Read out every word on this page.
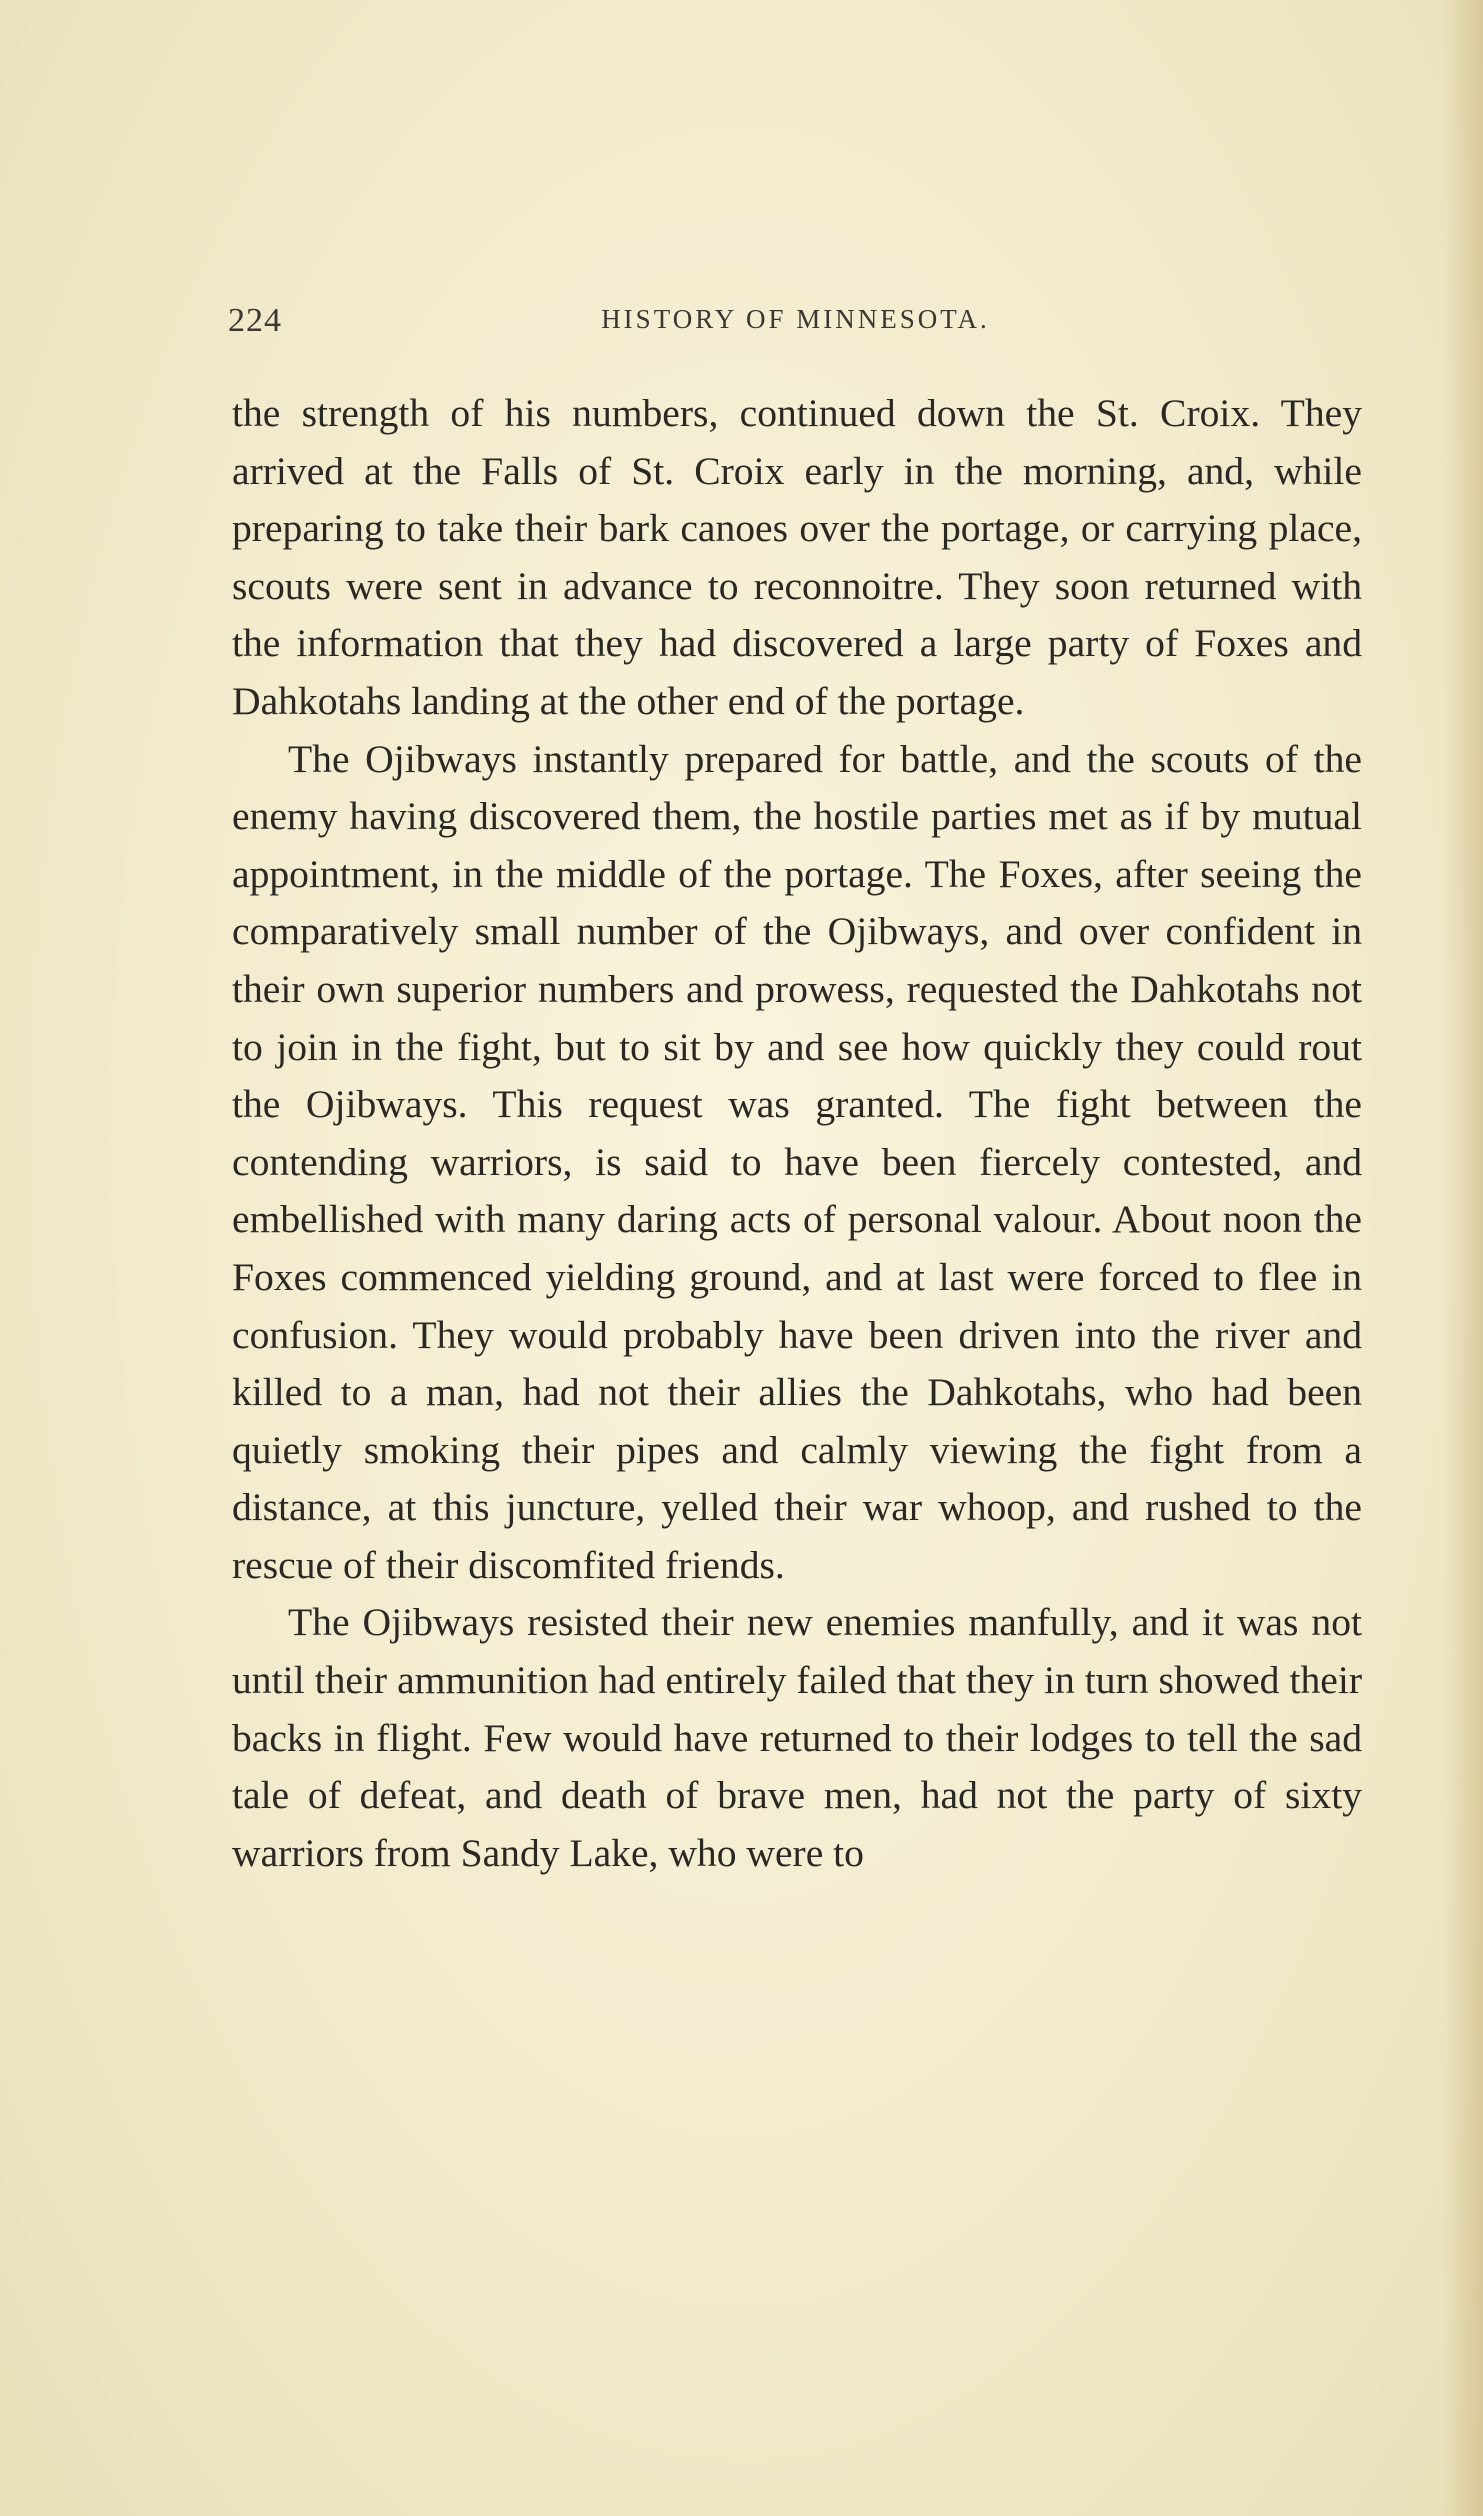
224	HISTORY OF MINNESOTA.

the strength of his numbers, continued down the St. Croix. They arrived at the Falls of St. Croix early in the morning, and, while preparing to take their bark canoes over the portage, or carrying place, scouts were sent in advance to reconnoitre. They soon returned with the information that they had discovered a large party of Foxes and Dahkotahs landing at the other end of the portage.

The Ojibways instantly prepared for battle, and the scouts of the enemy having discovered them, the hostile parties met as if by mutual appointment, in the middle of the portage. The Foxes, after seeing the comparatively small number of the Ojibways, and over confident in their own superior numbers and prowess, requested the Dahkotahs not to join in the fight, but to sit by and see how quickly they could rout the Ojibways. This request was granted. The fight between the contending warriors, is said to have been fiercely contested, and embellished with many daring acts of personal valour. About noon the Foxes commenced yielding ground, and at last were forced to flee in confusion. They would probably have been driven into the river and killed to a man, had not their allies the Dahkotahs, who had been quietly smoking their pipes and calmly viewing the fight from a distance, at this juncture, yelled their war whoop, and rushed to the rescue of their discomfited friends.

The Ojibways resisted their new enemies manfully, and it was not until their ammunition had entirely failed that they in turn showed their backs in flight. Few would have returned to their lodges to tell the sad tale of defeat, and death of brave men, had not the party of sixty warriors from Sandy Lake, who were to
